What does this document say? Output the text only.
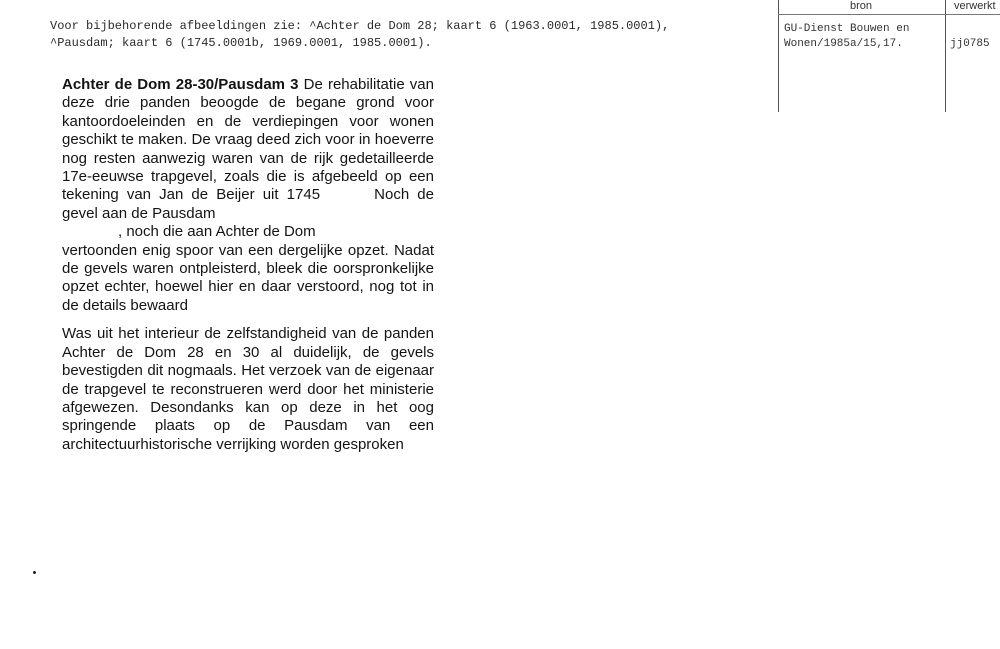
Voor bijbehorende afbeeldingen zie: ^Achter de Dom 28; kaart 6 (1963.0001, 1985.0001),
^Pausdam; kaart 6 (1745.0001b, 1969.0001, 1985.0001).
bron	verwerkt
GU-Dienst Bouwen en
Wonen/1985a/15,17.	jj0785

Achter de Dom 28-30/Pausdam 3 De rehabilitatie van deze drie panden beoogde de begane grond voor kantoordoeleinden en de verdiepingen voor wonen geschikt te maken. De vraag deed zich voor in hoeverre nog resten aanwezig waren van de rijk gedetailleerde 17e-eeuwse trapgevel, zoals die is afgebeeld op een tekening van Jan de Beijer uit 1745	Noch de gevel aan de Pausdam
, noch die aan Achter de Dom
vertoonden enig spoor van een dergelijke opzet. Nadat de gevels waren ontpleisterd, bleek die oorspronkelijke opzet echter, hoewel hier en daar verstoord, nog tot in de details bewaard

Was uit het interieur de zelfstandigheid van de panden Achter de Dom 28 en 30 al duidelijk, de gevels bevestigden dit nogmaals. Het verzoek van de eigenaar de trapgevel te reconstrueren werd door het ministerie afgewezen. Desondanks kan op deze in het oog springende plaats op de Pausdam van een architectuurhistorische verrijking worden gesproken
